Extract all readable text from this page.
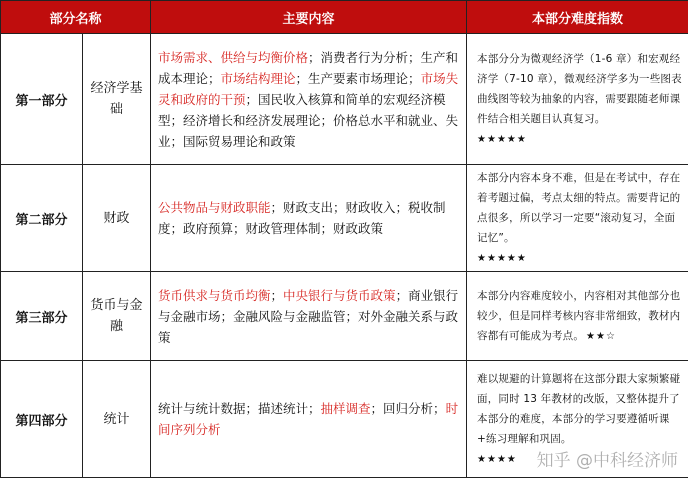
部分名称		主要内容	本部分难度指数
第一部分	经济学基础	市场需求、供给与均衡价格；消费者行为分析；生产和成本理论；市场结构理论；生产要素市场理论；市场失灵和政府的干预；国民收入核算和简单的宏观经济模型；经济增长和经济发展理论；价格总水平和就业、失业；国际贸易理论和政策	本部分分为微观经济学（1-6 章）和宏观经济学（7-10 章），微观经济学多为一些图表曲线图等较为抽象的内容，需要跟随老师课件结合相关题目认真复习。
★★★★★

第二部分	财政	公共物品与财政职能；财政支出；财政收入；税收制度；政府预算；财政管理体制；财政政策	本部分内容本身不难，但是在考试中，存在着考题过偏，考点太细的特点。需要背记的点很多，所以学习一定要“滚动复习，全面记忆”。
★★★★★

第三部分	货币与金融	货币供求与货币均衡；中央银行与货币政策；商业银行与金融市场；金融风险与金融监管；对外金融关系与政策	本部分内容难度较小，内容相对其他部分也较少，但是同样考核内容非常细致，教材内容都有可能成为考点。 ★★☆

第四部分	统计	统计与统计数据；描述统计；抽样调查；回归分析；时间序列分析	难以规避的计算题将在这部分跟大家频繁碰面，同时 13 年教材的改版，又整体提升了本部分的难度，本部分的学习要遵循听课+练习理解和巩固。
★★★★	知乎 @中科经济师
